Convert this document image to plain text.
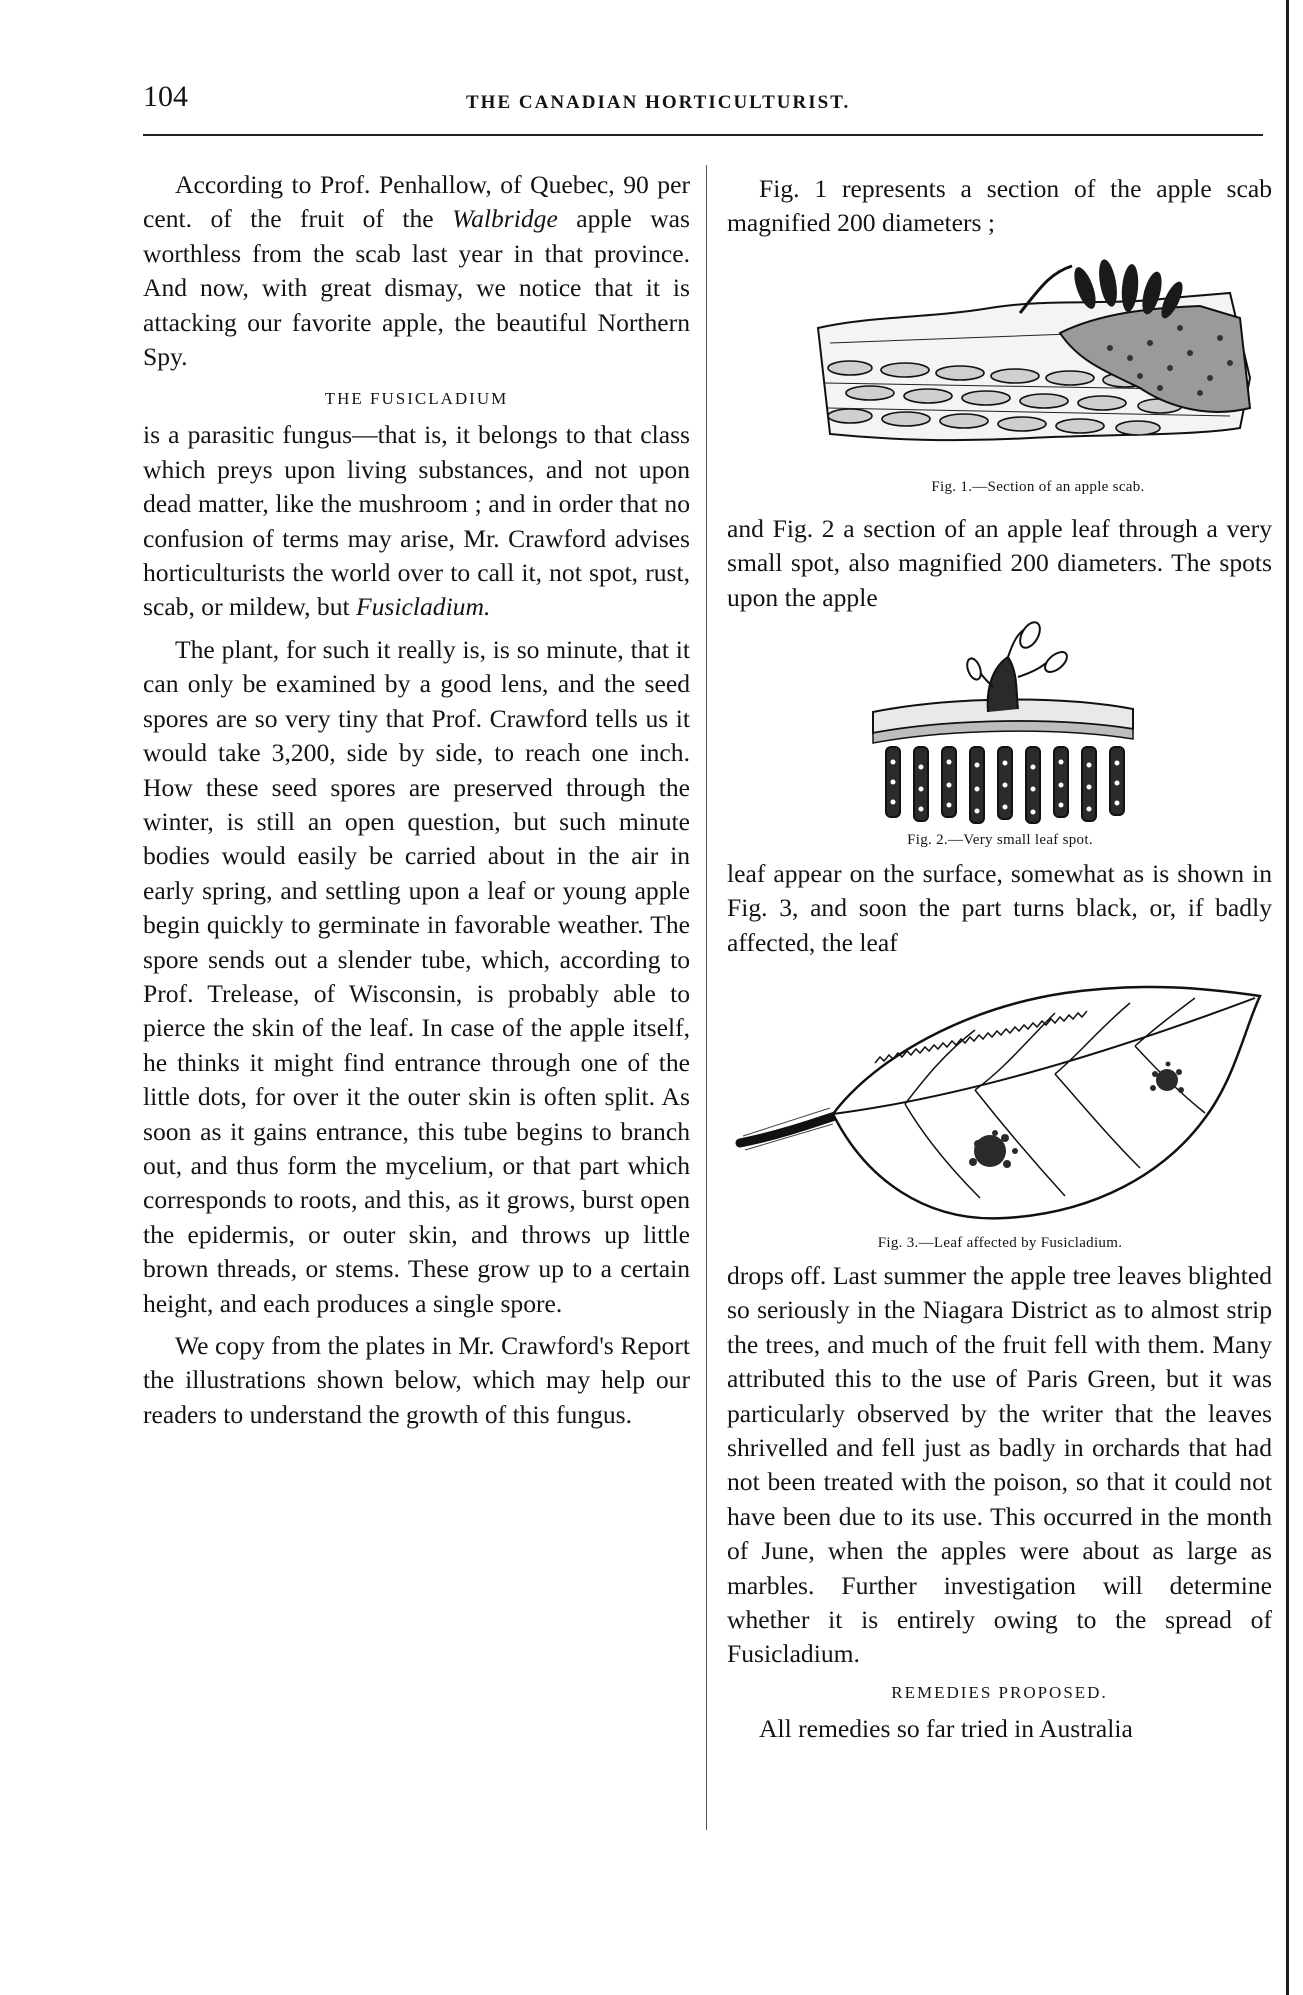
104	THE CANADIAN HORTICULTURIST.

According to Prof. Penhallow, of Quebec, 90 per cent. of the fruit of the Walbridge apple was worthless from the scab last year in that province. And now, with great dismay, we notice that it is attacking our favorite apple, the beautiful Northern Spy.

THE FUSICLADIUM

is a parasitic fungus—that is, it belongs to that class which preys upon living substances, and not upon dead matter, like the mushroom ; and in order that no confusion of terms may arise, Mr. Crawford advises horticulturists the world over to call it, not spot, rust, scab, or mildew, but Fusicladium.

The plant, for such it really is, is so minute, that it can only be examined by a good lens, and the seed spores are so very tiny that Prof. Crawford tells us it would take 3,200, side by side, to reach one inch. How these seed spores are preserved through the winter, is still an open question, but such minute bodies would easily be carried about in the air in early spring, and settling upon a leaf or young apple begin quickly to germinate in favorable weather. The spore sends out a slender tube, which, according to Prof. Trelease, of Wisconsin, is probably able to pierce the skin of the leaf. In case of the apple itself, he thinks it might find entrance through one of the little dots, for over it the outer skin is often split. As soon as it gains entrance, this tube begins to branch out, and thus form the mycelium, or that part which corresponds to roots, and this, as it grows, burst open the epidermis, or outer skin, and throws up little brown threads, or stems. These grow up to a certain height, and each produces a single spore.

We copy from the plates in Mr. Crawford's Report the illustrations shown below, which may help our readers to understand the growth of this fungus.

Fig. 1 represents a section of the apple scab magnified 200 diameters ;

Fig. 1.—Section of an apple scab.

and Fig. 2 a section of an apple leaf through a very small spot, also magnified 200 diameters. The spots upon the apple

Fig. 2.—Very small leaf spot.

leaf appear on the surface, somewhat as is shown in Fig. 3, and soon the part turns black, or, if badly affected, the leaf

Fig. 3.—Leaf affected by Fusicladium.

drops off. Last summer the apple tree leaves blighted so seriously in the Niagara District as to almost strip the trees, and much of the fruit fell with them. Many attributed this to the use of Paris Green, but it was particularly observed by the writer that the leaves shrivelled and fell just as badly in orchards that had not been treated with the poison, so that it could not have been due to its use. This occurred in the month of June, when the apples were about as large as marbles. Further investigation will determine whether it is entirely owing to the spread of Fusicladium.

REMEDIES PROPOSED.

All remedies so far tried in Australia
